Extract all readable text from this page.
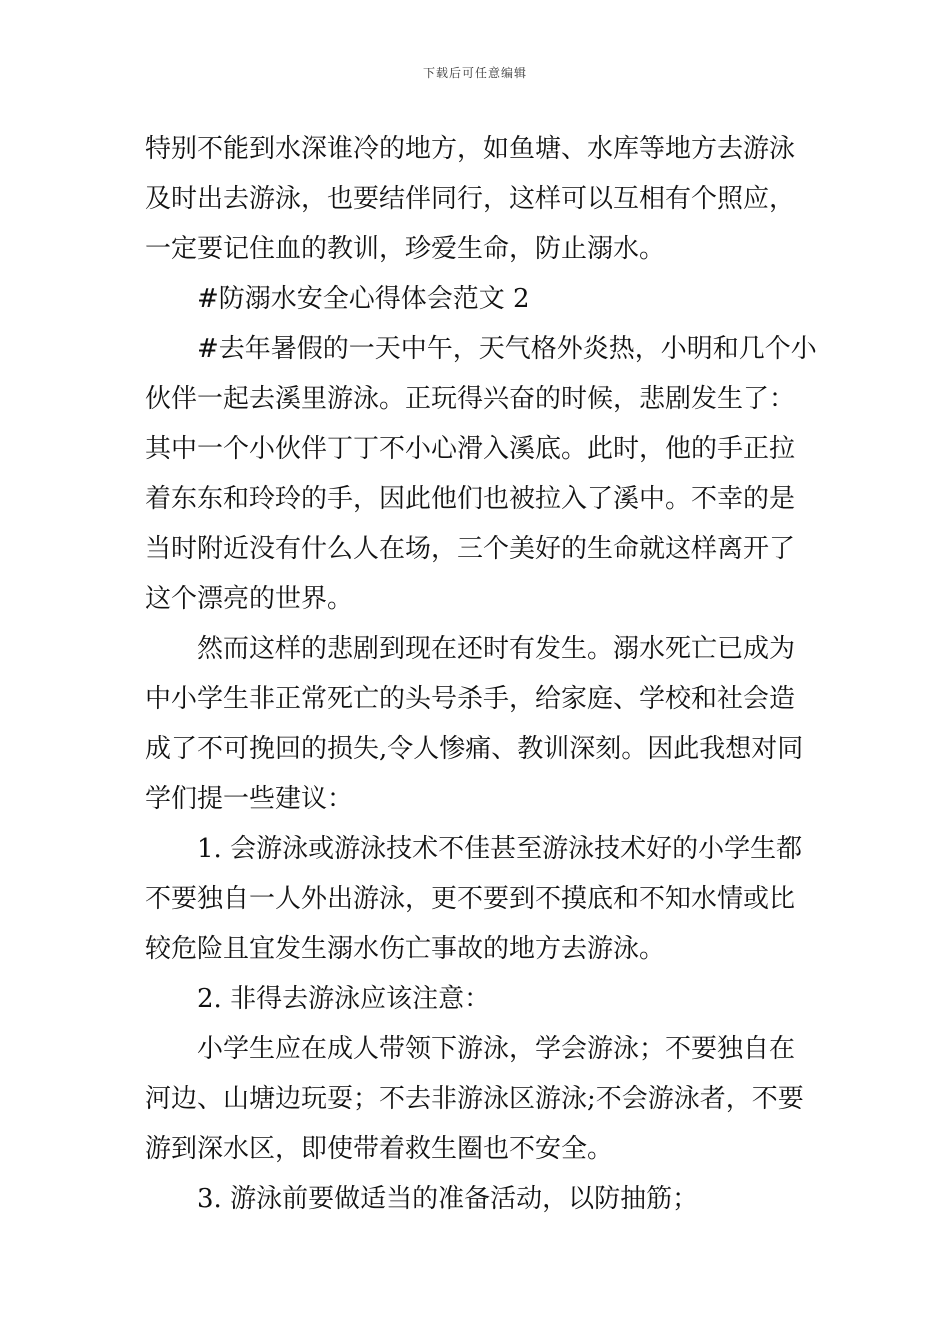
下载后可任意编辑

特别不能到水深谁冷的地方，如鱼塘、水库等地方去游泳
及时出去游泳，也要结伴同行，这样可以互相有个照应，
一定要记住血的教训，珍爱生命，防止溺水。

#防溺水安全心得体会范文 2

#去年暑假的一天中午，天气格外炎热，小明和几个小
伙伴一起去溪里游泳。正玩得兴奋的时候，悲剧发生了：
其中一个小伙伴丁丁不小心滑入溪底。此时，他的手正拉
着东东和玲玲的手，因此他们也被拉入了溪中。不幸的是
当时附近没有什么人在场，三个美好的生命就这样离开了
这个漂亮的世界。

然而这样的悲剧到现在还时有发生。溺水死亡已成为
中小学生非正常死亡的头号杀手，给家庭、学校和社会造
成了不可挽回的损失,令人惨痛、教训深刻。因此我想对同
学们提一些建议：

1. 会游泳或游泳技术不佳甚至游泳技术好的小学生都
不要独自一人外出游泳，更不要到不摸底和不知水情或比
较危险且宜发生溺水伤亡事故的地方去游泳。

2. 非得去游泳应该注意：

小学生应在成人带领下游泳，学会游泳；不要独自在
河边、山塘边玩耍；不去非游泳区游泳;不会游泳者，不要
游到深水区，即使带着救生圈也不安全。

3. 游泳前要做适当的准备活动，以防抽筋；
